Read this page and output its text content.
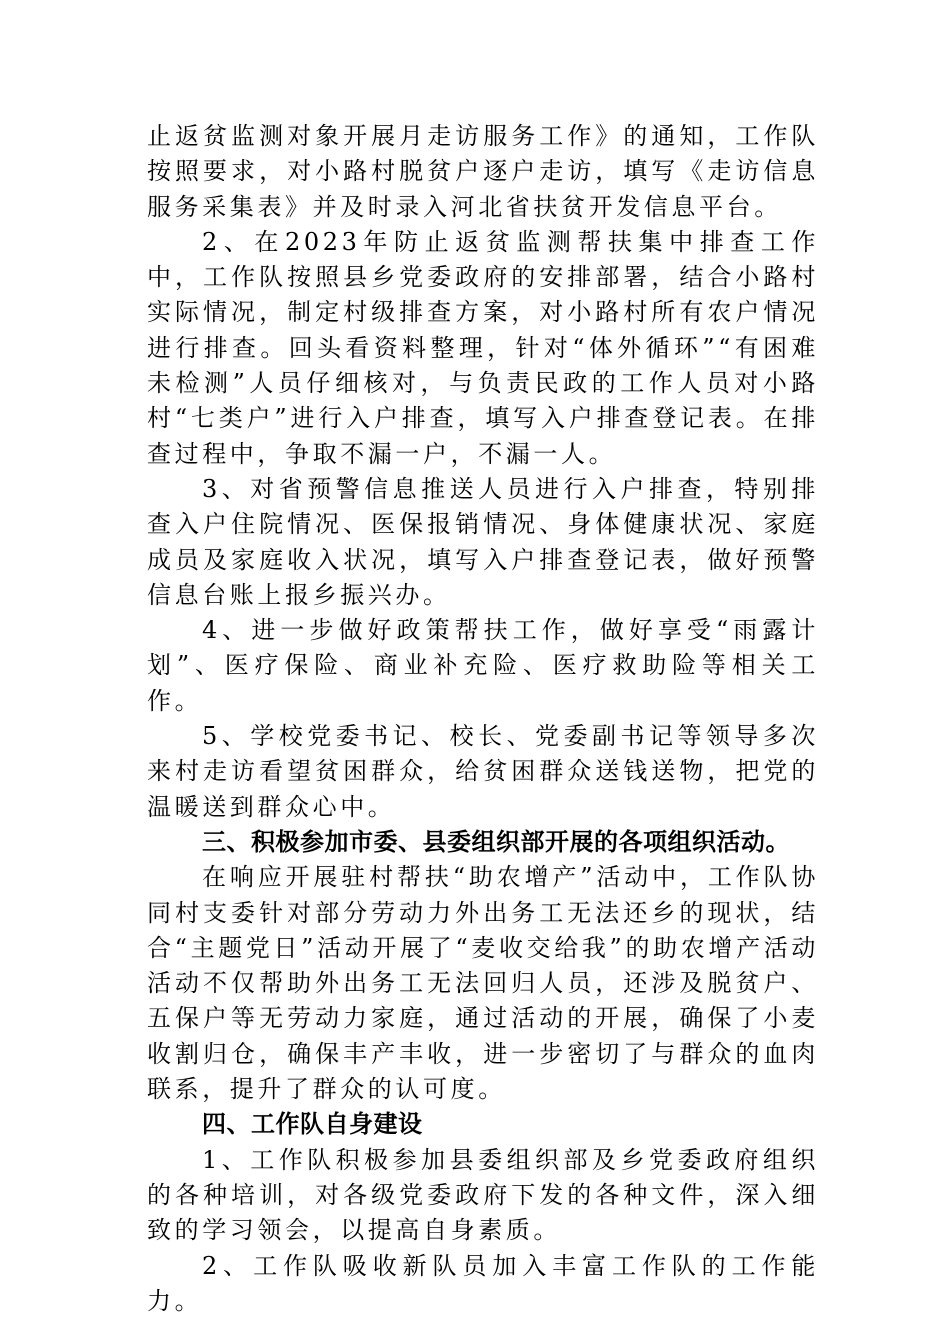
止返贫监测对象开展月走访服务工作》的通知，工作队按照要求，对小路村脱贫户逐户走访，填写《走访信息服务采集表》并及时录入河北省扶贫开发信息平台。

2、在2023年防止返贫监测帮扶集中排查工作中，工作队按照县乡党委政府的安排部署，结合小路村实际情况，制定村级排查方案，对小路村所有农户情况进行排查。回头看资料整理，针对“体外循环”“有困难未检测”人员仔细核对，与负责民政的工作人员对小路村“七类户”进行入户排查，填写入户排查登记表。在排查过程中，争取不漏一户，不漏一人。

3、对省预警信息推送人员进行入户排查，特别排查入户住院情况、医保报销情况、身体健康状况、家庭成员及家庭收入状况，填写入户排查登记表，做好预警信息台账上报乡振兴办。

4、进一步做好政策帮扶工作，做好享受“雨露计划”、医疗保险、商业补充险、医疗救助险等相关工作。

5、学校党委书记、校长、党委副书记等领导多次来村走访看望贫困群众，给贫困群众送钱送物，把党的温暖送到群众心中。

三、积极参加市委、县委组织部开展的各项组织活动。

在响应开展驻村帮扶“助农增产”活动中，工作队协同村支委针对部分劳动力外出务工无法还乡的现状，结合“主题党日”活动开展了“麦收交给我”的助农增产活动活动不仅帮助外出务工无法回归人员，还涉及脱贫户、五保户等无劳动力家庭，通过活动的开展，确保了小麦收割归仓，确保丰产丰收，进一步密切了与群众的血肉联系，提升了群众的认可度。

四、工作队自身建设

1、工作队积极参加县委组织部及乡党委政府组织的各种培训，对各级党委政府下发的各种文件，深入细致的学习领会，以提高自身素质。

2、工作队吸收新队员加入丰富工作队的工作能力。
